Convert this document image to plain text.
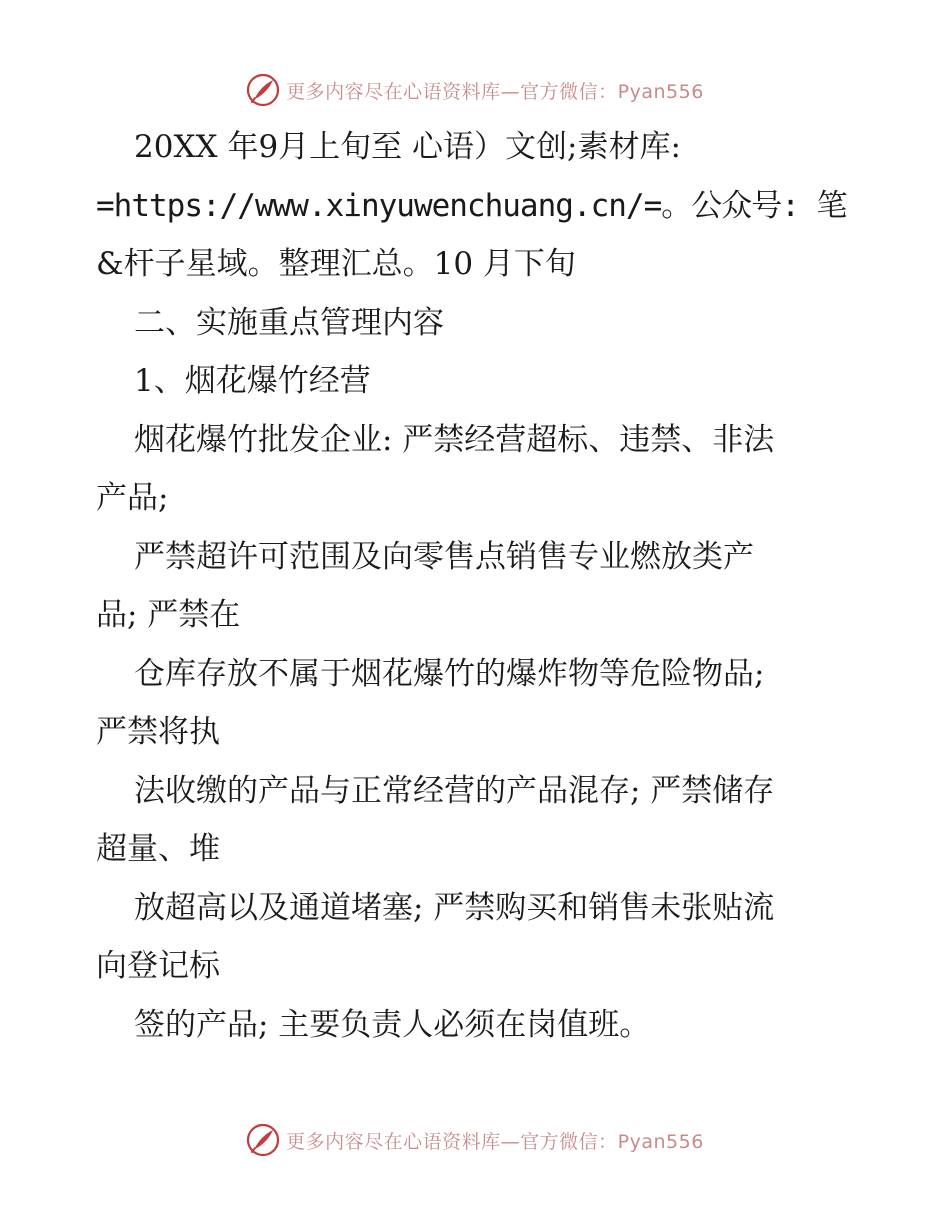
更多内容尽在心语资料库—官方微信：Pyan556
20XX 年9月上旬至 心语）文创;素材库:
=https://www.xinyuwenchuang.cn/=。公众号: 笔
&杆子星域。整理汇总。10 月下旬
二、实施重点管理内容
1、烟花爆竹经营
烟花爆竹批发企业: 严禁经营超标、违禁、非法
产品;
严禁超许可范围及向零售点销售专业燃放类产
品; 严禁在
仓库存放不属于烟花爆竹的爆炸物等危险物品;
严禁将执
法收缴的产品与正常经营的产品混存; 严禁储存
超量、堆
放超高以及通道堵塞; 严禁购买和销售未张贴流
向登记标
签的产品; 主要负责人必须在岗值班。
更多内容尽在心语资料库—官方微信：Pyan556
